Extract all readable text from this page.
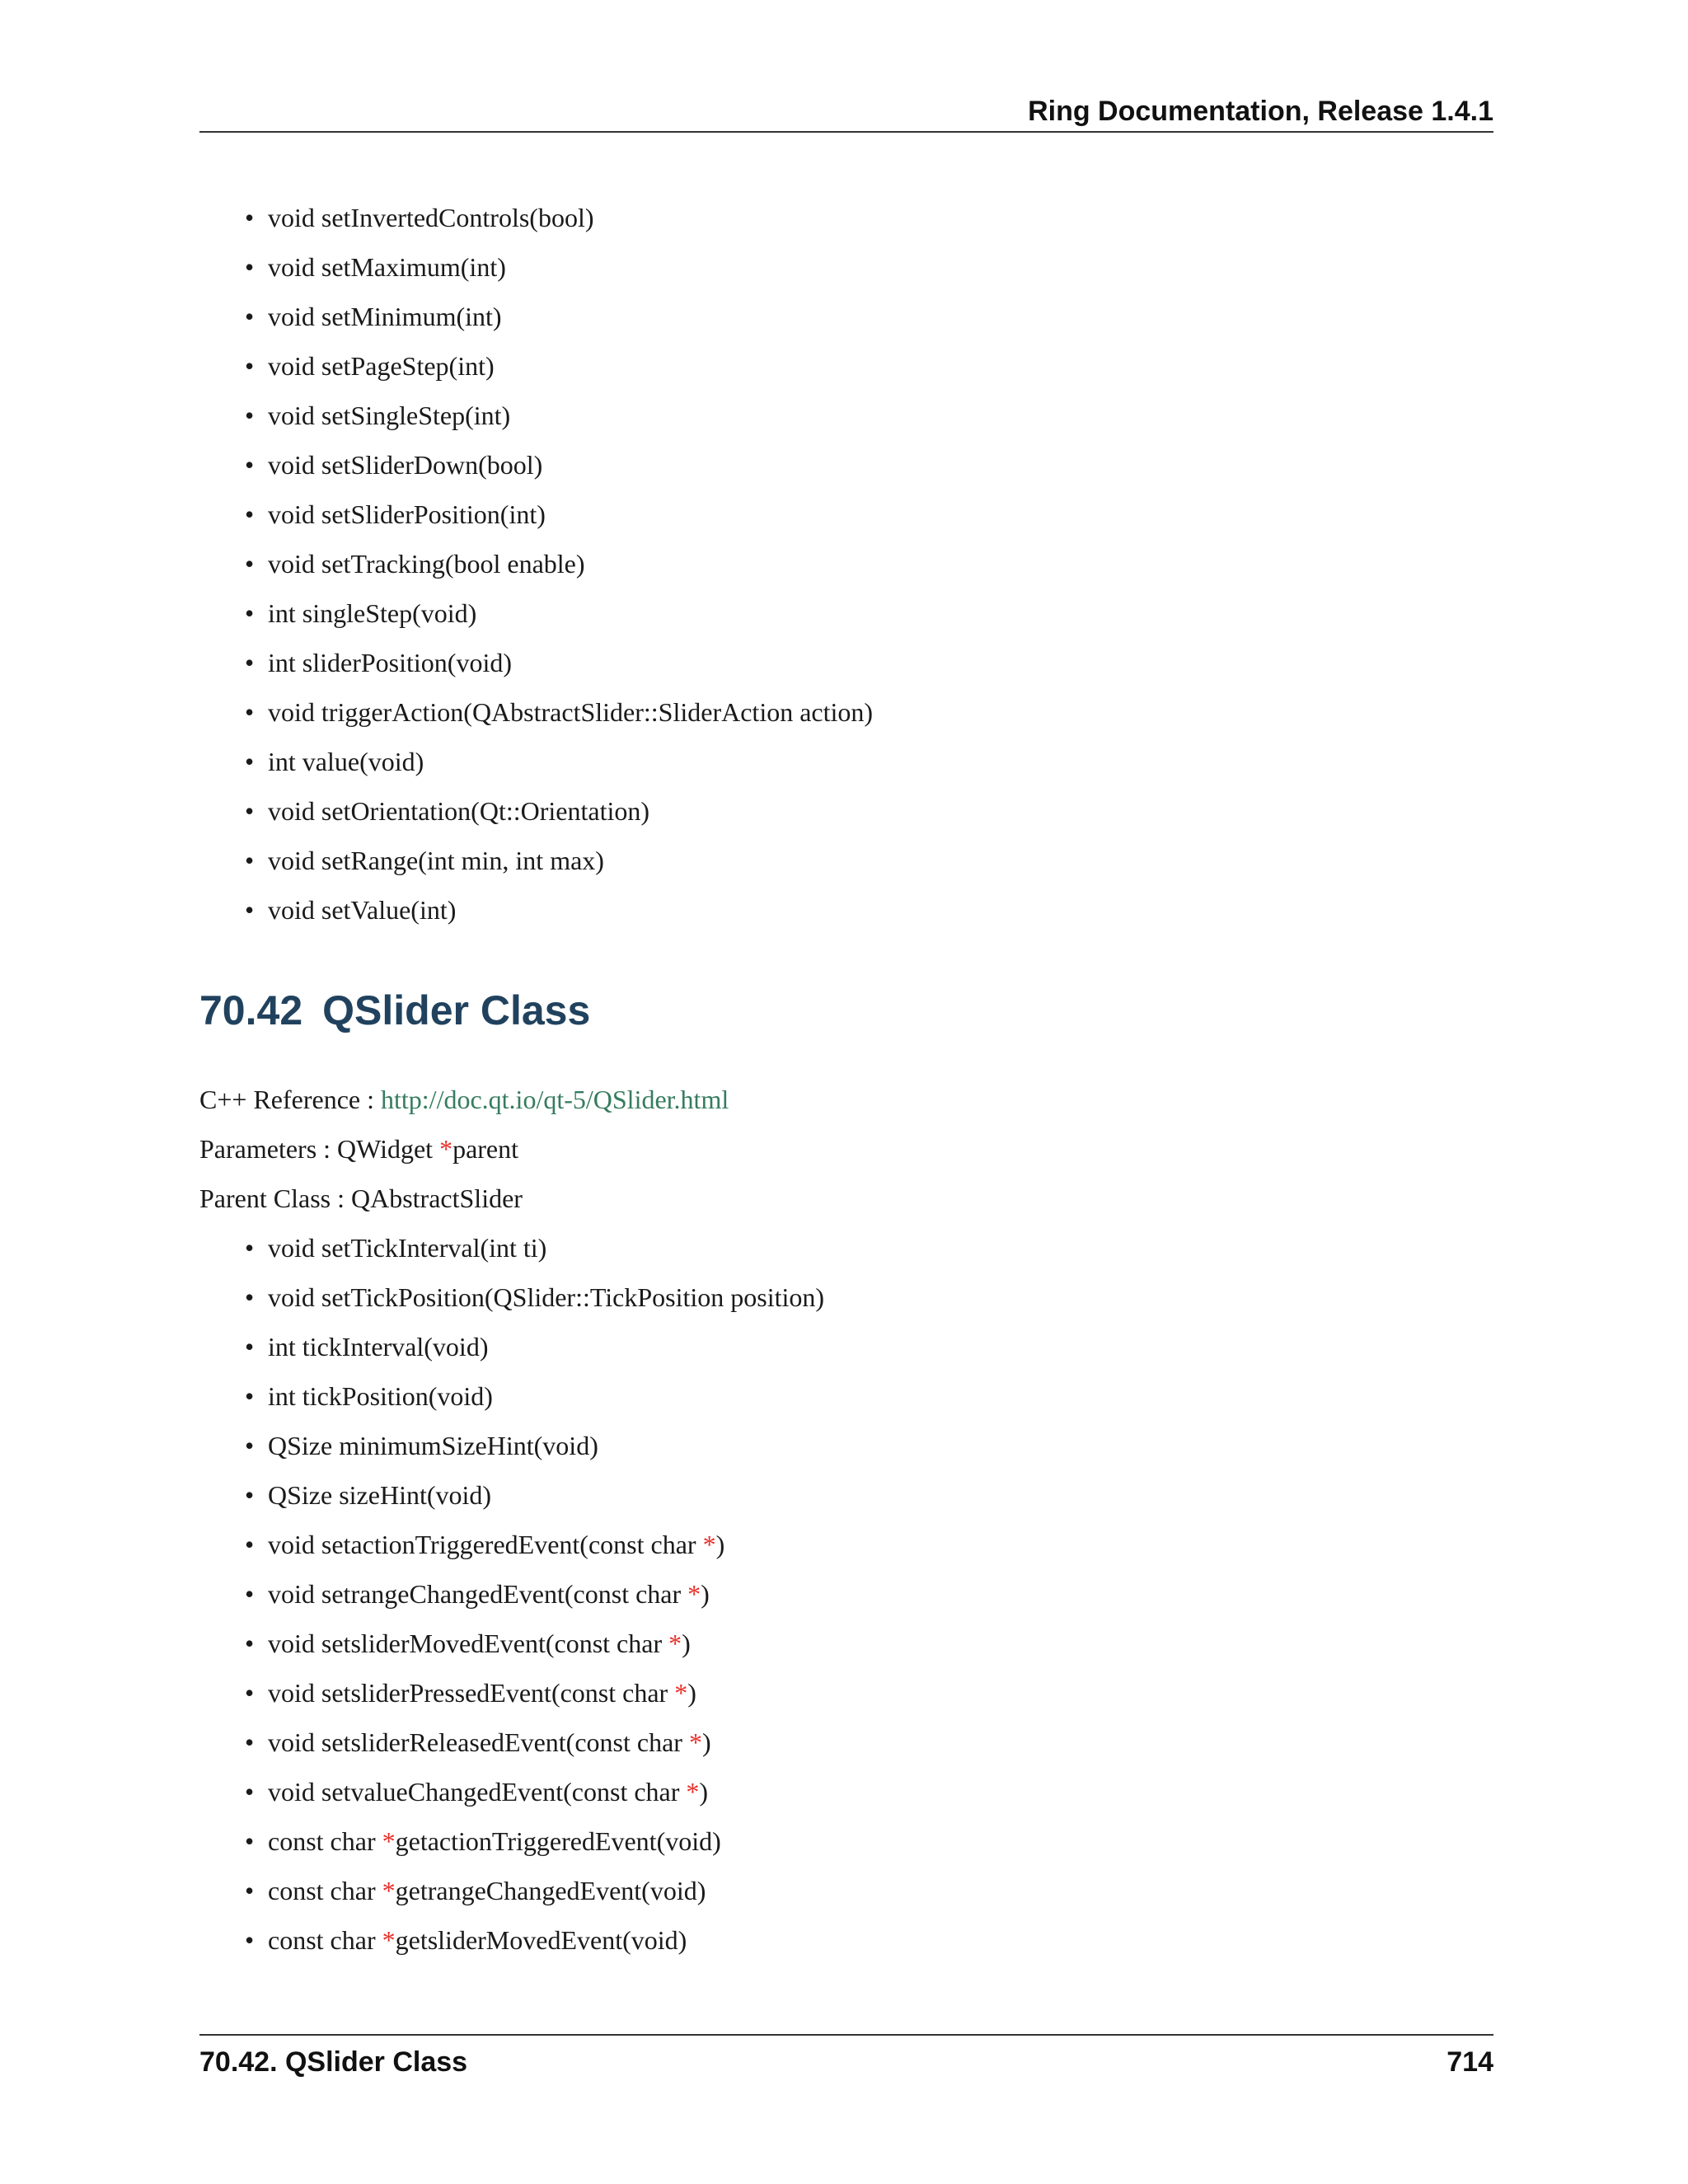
Ring Documentation, Release 1.4.1
• void setInvertedControls(bool)
• void setMaximum(int)
• void setMinimum(int)
• void setPageStep(int)
• void setSingleStep(int)
• void setSliderDown(bool)
• void setSliderPosition(int)
• void setTracking(bool enable)
• int singleStep(void)
• int sliderPosition(void)
• void triggerAction(QAbstractSlider::SliderAction action)
• int value(void)
• void setOrientation(Qt::Orientation)
• void setRange(int min, int max)
• void setValue(int)
70.42 QSlider Class
C++ Reference : http://doc.qt.io/qt-5/QSlider.html
Parameters : QWidget *parent
Parent Class : QAbstractSlider
• void setTickInterval(int ti)
• void setTickPosition(QSlider::TickPosition position)
• int tickInterval(void)
• int tickPosition(void)
• QSize minimumSizeHint(void)
• QSize sizeHint(void)
• void setactionTriggeredEvent(const char *)
• void setrangeChangedEvent(const char *)
• void setsliderMovedEvent(const char *)
• void setsliderPressedEvent(const char *)
• void setsliderReleasedEvent(const char *)
• void setvalueChangedEvent(const char *)
• const char *getactionTriggeredEvent(void)
• const char *getrangeChangedEvent(void)
• const char *getsliderMovedEvent(void)
70.42. QSlider Class	714
